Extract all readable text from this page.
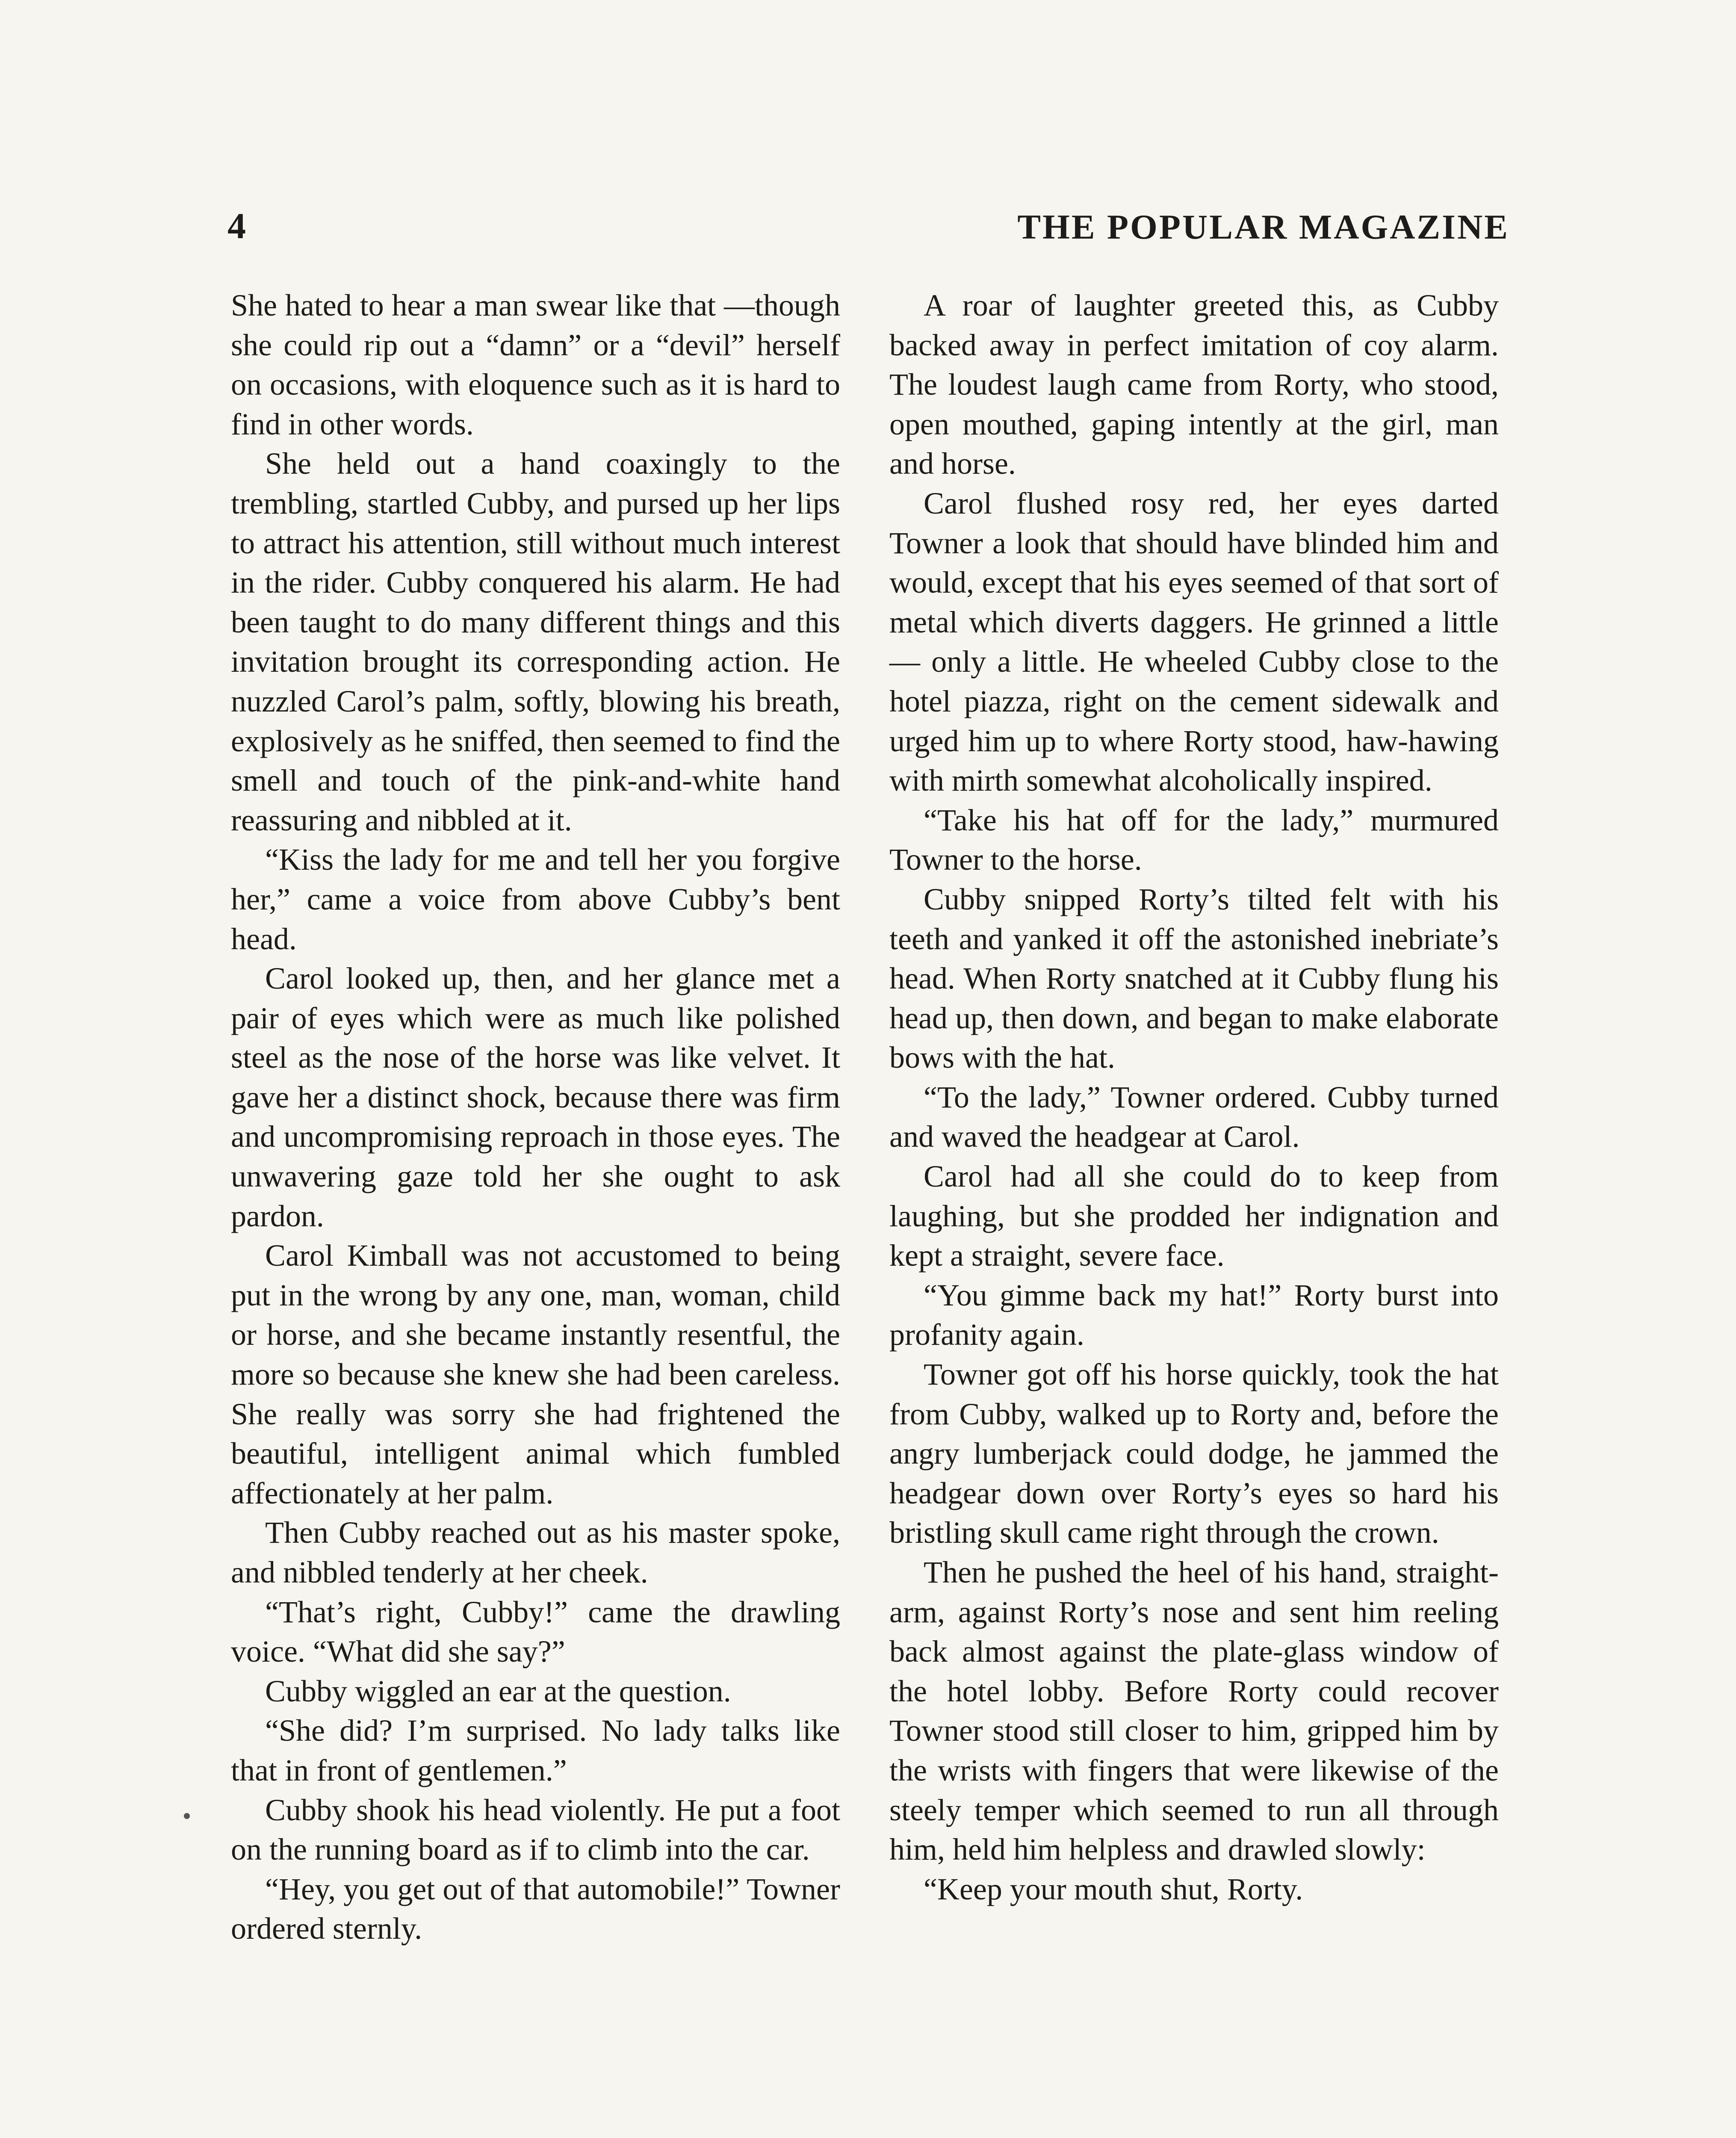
4	THE POPULAR MAGAZINE

She hated to hear a man swear like that —though she could rip out a “damn” or a “devil” herself on occasions, with eloquence such as it is hard to find in other words.

She held out a hand coaxingly to the trembling, startled Cubby, and pursed up her lips to attract his attention, still without much interest in the rider. Cubby conquered his alarm. He had been taught to do many different things and this invitation brought its corresponding action. He nuzzled Carol’s palm, softly, blowing his breath, explosively as he sniffed, then seemed to find the smell and touch of the pink-and-white hand reassuring and nibbled at it.

“Kiss the lady for me and tell her you forgive her,” came a voice from above Cubby’s bent head.

Carol looked up, then, and her glance met a pair of eyes which were as much like polished steel as the nose of the horse was like velvet. It gave her a distinct shock, because there was firm and uncompromising reproach in those eyes. The unwavering gaze told her she ought to ask pardon.

Carol Kimball was not accustomed to being put in the wrong by any one, man, woman, child or horse, and she became instantly resentful, the more so because she knew she had been careless. She really was sorry she had frightened the beautiful, intelligent animal which fumbled affectionately at her palm.

Then Cubby reached out as his master spoke, and nibbled tenderly at her cheek.

“That’s right, Cubby!” came the drawling voice. “What did she say?”

Cubby wiggled an ear at the question.

“She did? I’m surprised. No lady talks like that in front of gentlemen.”

Cubby shook his head violently. He put a foot on the running board as if to climb into the car.

“Hey, you get out of that automobile!” Towner ordered sternly.

A roar of laughter greeted this, as Cubby backed away in perfect imitation of coy alarm. The loudest laugh came from Rorty, who stood, open mouthed, gaping intently at the girl, man and horse.

Carol flushed rosy red, her eyes darted Towner a look that should have blinded him and would, except that his eyes seemed of that sort of metal which diverts daggers. He grinned a little— only a little. He wheeled Cubby close to the hotel piazza, right on the cement sidewalk and urged him up to where Rorty stood, haw-hawing with mirth somewhat alcoholically inspired.

“Take his hat off for the lady,” murmured Towner to the horse.

Cubby snipped Rorty’s tilted felt with his teeth and yanked it off the astonished inebriate’s head. When Rorty snatched at it Cubby flung his head up, then down, and began to make elaborate bows with the hat.

“To the lady,” Towner ordered. Cubby turned and waved the headgear at Carol.

Carol had all she could do to keep from laughing, but she prodded her indignation and kept a straight, severe face.

“You gimme back my hat!” Rorty burst into profanity again.

Towner got off his horse quickly, took the hat from Cubby, walked up to Rorty and, before the angry lumberjack could dodge, he jammed the headgear down over Rorty’s eyes so hard his bristling skull came right through the crown.

Then he pushed the heel of his hand, straight-arm, against Rorty’s nose and sent him reeling back almost against the plate-glass window of the hotel lobby. Before Rorty could recover Towner stood still closer to him, gripped him by the wrists with fingers that were likewise of the steely temper which seemed to run all through him, held him helpless and drawled slowly:

“Keep your mouth shut, Rorty.
